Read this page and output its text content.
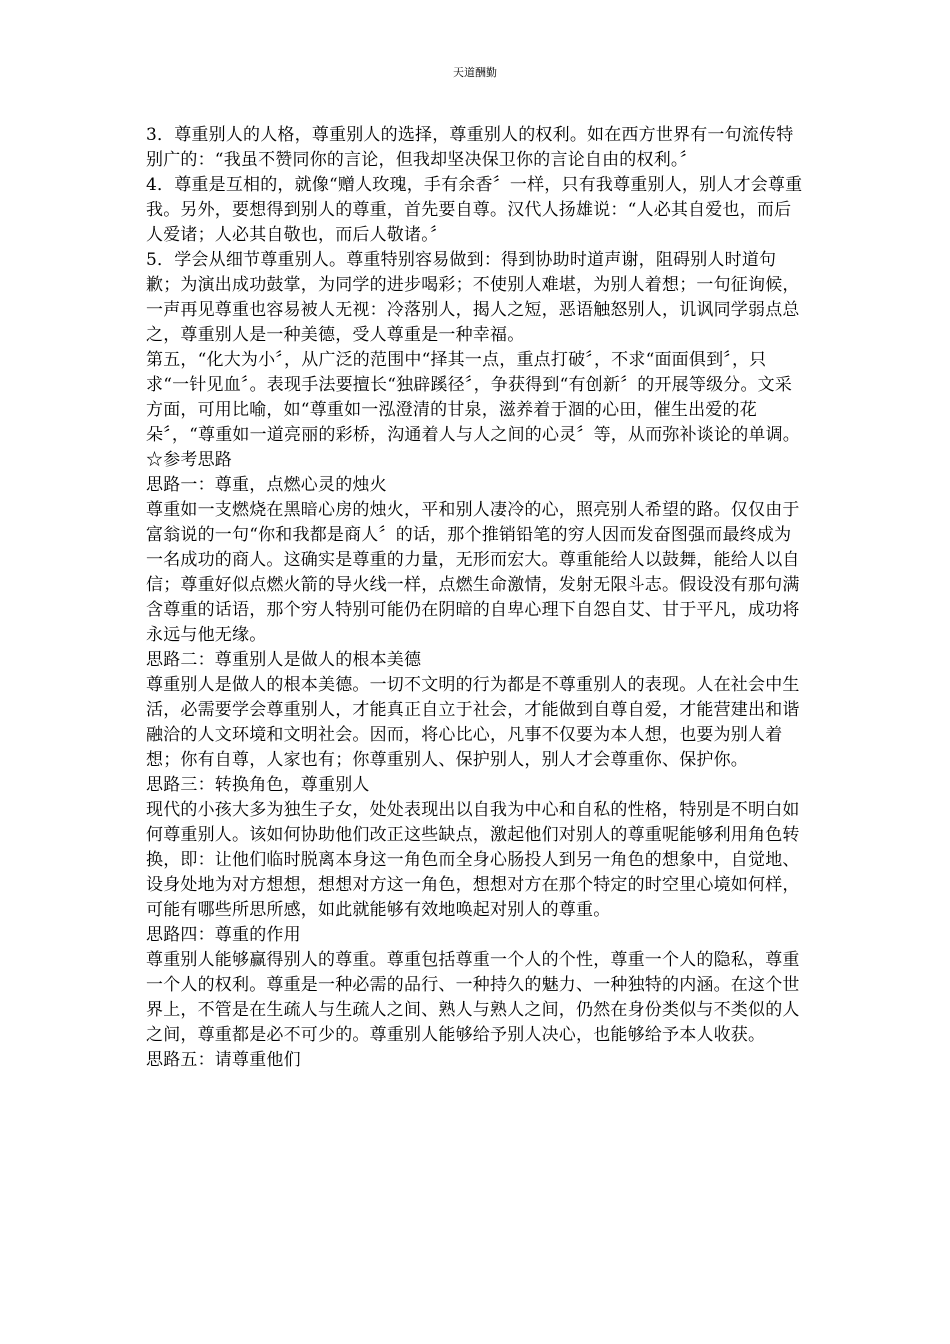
天道酬勤

3．尊重别人的人格，尊重别人的选择，尊重别人的权利。如在西方世界有一句流传特别广的：“我虽不赞同你的言论，但我却坚决保卫你的言论自由的权利。〞

4．尊重是互相的，就像“赠人玫瑰，手有余香〞一样，只有我尊重别人，别人才会尊重我。另外，要想得到别人的尊重，首先要自尊。汉代人扬雄说：“人必其自爱也，而后人爱诸；人必其自敬也，而后人敬诸。〞

5．学会从细节尊重别人。尊重特别容易做到：得到协助时道声谢，阻碍别人时道句歉；为演出成功鼓掌，为同学的进步喝彩；不使别人难堪，为别人着想；一句征询候，一声再见尊重也容易被人无视：冷落别人，揭人之短，恶语触怒别人，讥讽同学弱点总之，尊重别人是一种美德，受人尊重是一种幸福。

第五，“化大为小〞，从广泛的范围中“择其一点，重点打破〞，不求“面面俱到〞，只求“一针见血〞。表现手法要擅长“独辟蹊径〞，争获得到“有创新〞的开展等级分。文采方面，可用比喻，如“尊重如一泓澄清的甘泉，滋养着于涸的心田，催生出爱的花朵〞，“尊重如一道亮丽的彩桥，沟通着人与人之间的心灵〞等，从而弥补谈论的单调。

☆参考思路

思路一：尊重，点燃心灵的烛火

尊重如一支燃烧在黑暗心房的烛火，平和别人凄冷的心，照亮别人希望的路。仅仅由于富翁说的一句“你和我都是商人〞的话，那个推销铅笔的穷人因而发奋图强而最终成为一名成功的商人。这确实是尊重的力量，无形而宏大。尊重能给人以鼓舞，能给人以自信；尊重好似点燃火箭的导火线一样，点燃生命激情，发射无限斗志。假设没有那句满含尊重的话语，那个穷人特别可能仍在阴暗的自卑心理下自怨自艾、甘于平凡，成功将永远与他无缘。

思路二：尊重别人是做人的根本美德

尊重别人是做人的根本美德。一切不文明的行为都是不尊重别人的表现。人在社会中生活，必需要学会尊重别人，才能真正自立于社会，才能做到自尊自爱，才能营建出和谐融洽的人文环境和文明社会。因而，将心比心，凡事不仅要为本人想，也要为别人着想；你有自尊，人家也有；你尊重别人、保护别人，别人才会尊重你、保护你。

思路三：转换角色，尊重别人

现代的小孩大多为独生子女，处处表现出以自我为中心和自私的性格，特别是不明白如何尊重别人。该如何协助他们改正这些缺点，激起他们对别人的尊重呢能够利用角色转换，即：让他们临时脱离本身这一角色而全身心肠投人到另一角色的想象中，自觉地、设身处地为对方想想，想想对方这一角色，想想对方在那个特定的时空里心境如何样，可能有哪些所思所感，如此就能够有效地唤起对别人的尊重。

思路四：尊重的作用

尊重别人能够赢得别人的尊重。尊重包括尊重一个人的个性，尊重一个人的隐私，尊重一个人的权利。尊重是一种必需的品行、一种持久的魅力、一种独特的内涵。在这个世界上，不管是在生疏人与生疏人之间、熟人与熟人之间，仍然在身份类似与不类似的人之间，尊重都是必不可少的。尊重别人能够给予别人决心，也能够给予本人收获。

思路五：请尊重他们
